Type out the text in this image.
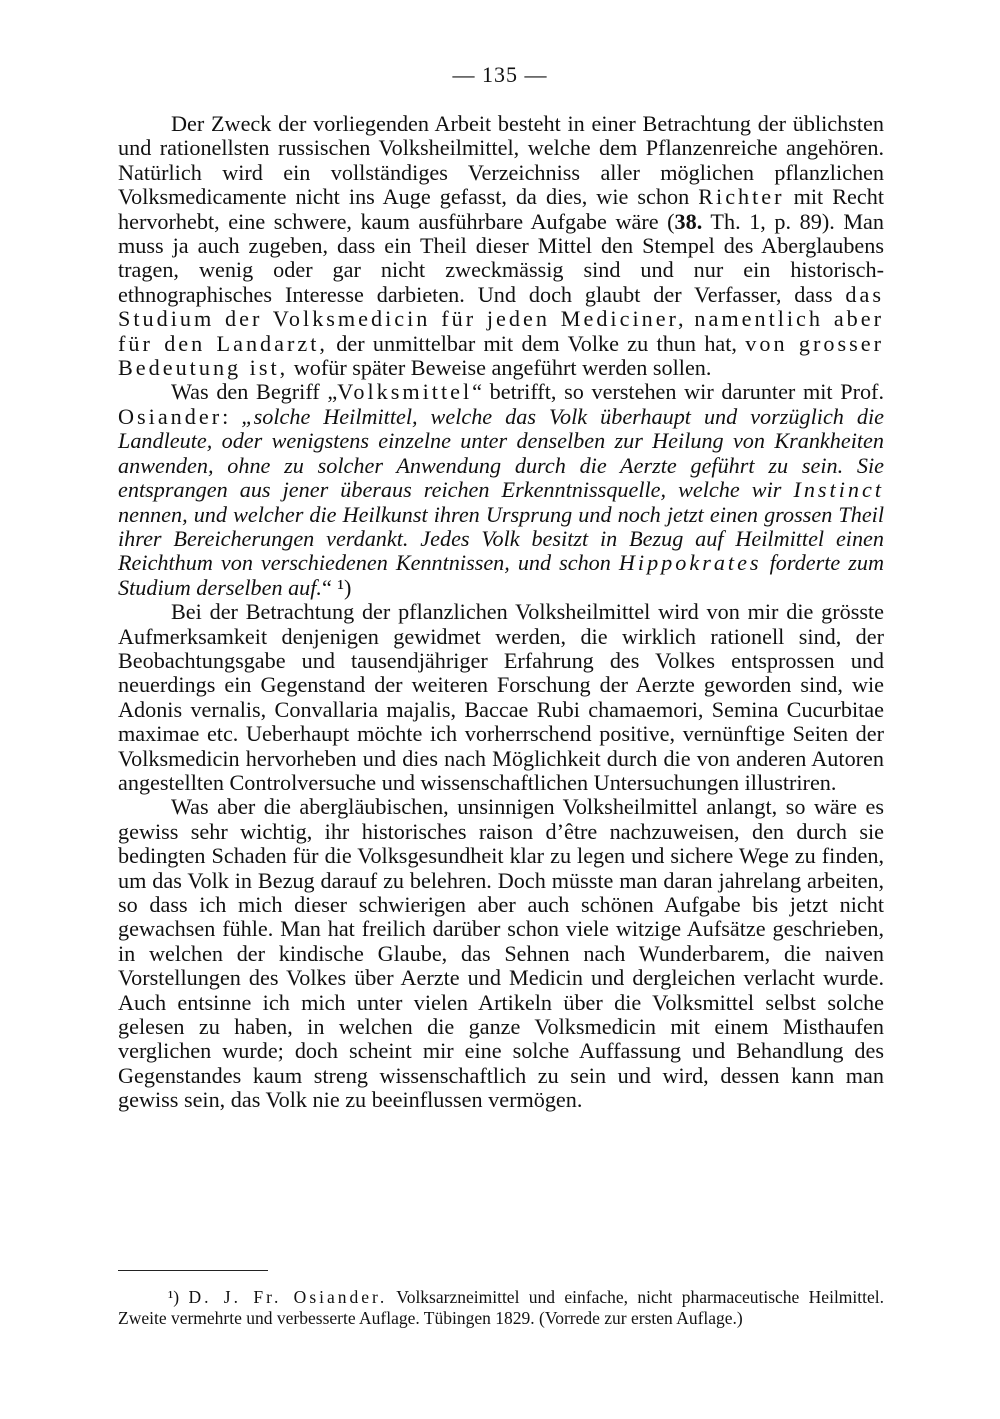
— 135 —

Der Zweck der vorliegenden Arbeit besteht in einer Betrachtung der üblichsten und rationellsten russischen Volksheilmittel, welche dem Pflanzenreiche angehören. Natürlich wird ein vollständiges Verzeichniss aller möglichen pflanzlichen Volksmedicamente nicht ins Auge gefasst, da dies, wie schon Richter mit Recht hervorhebt, eine schwere, kaum ausführbare Aufgabe wäre (38. Th. 1, p. 89). Man muss ja auch zugeben, dass ein Theil dieser Mittel den Stempel des Aberglaubens tragen, wenig oder gar nicht zweckmässig sind und nur ein historisch-ethnographisches Interesse darbieten. Und doch glaubt der Verfasser, dass das Studium der Volksmedicin für jeden Mediciner, namentlich aber für den Landarzt, der unmittelbar mit dem Volke zu thun hat, von grosser Bedeutung ist, wofür später Beweise angeführt werden sollen.

Was den Begriff „Volksmittel“ betrifft, so verstehen wir darunter mit Prof. Osiander: „solche Heilmittel, welche das Volk überhaupt und vorzüglich die Landleute, oder wenigstens einzelne unter denselben zur Heilung von Krankheiten anwenden, ohne zu solcher Anwendung durch die Aerzte geführt zu sein. Sie entsprangen aus jener überaus reichen Erkenntnissquelle, welche wir Instinct nennen, und welcher die Heilkunst ihren Ursprung und noch jetzt einen grossen Theil ihrer Bereicherungen verdankt. Jedes Volk besitzt in Bezug auf Heilmittel einen Reichthum von verschiedenen Kenntnissen, und schon Hippokrates forderte zum Studium derselben auf.“ ¹)

Bei der Betrachtung der pflanzlichen Volksheilmittel wird von mir die grösste Aufmerksamkeit denjenigen gewidmet werden, die wirklich rationell sind, der Beobachtungsgabe und tausendjähriger Erfahrung des Volkes entsprossen und neuerdings ein Gegenstand der weiteren Forschung der Aerzte geworden sind, wie Adonis vernalis, Convallaria majalis, Baccae Rubi chamaemori, Semina Cucurbitae maximae etc. Ueberhaupt möchte ich vorherrschend positive, vernünftige Seiten der Volksmedicin hervorheben und dies nach Möglichkeit durch die von anderen Autoren angestellten Controlversuche und wissenschaftlichen Untersuchungen illustriren.

Was aber die abergläubischen, unsinnigen Volksheilmittel anlangt, so wäre es gewiss sehr wichtig, ihr historisches raison d’être nachzuweisen, den durch sie bedingten Schaden für die Volksgesundheit klar zu legen und sichere Wege zu finden, um das Volk in Bezug darauf zu belehren. Doch müsste man daran jahrelang arbeiten, so dass ich mich dieser schwierigen aber auch schönen Aufgabe bis jetzt nicht gewachsen fühle. Man hat freilich darüber schon viele witzige Aufsätze geschrieben, in welchen der kindische Glaube, das Sehnen nach Wunderbarem, die naiven Vorstellungen des Volkes über Aerzte und Medicin und dergleichen verlacht wurde. Auch entsinne ich mich unter vielen Artikeln über die Volksmittel selbst solche gelesen zu haben, in welchen die ganze Volksmedicin mit einem Misthaufen verglichen wurde; doch scheint mir eine solche Auffassung und Behandlung des Gegenstandes kaum streng wissenschaftlich zu sein und wird, dessen kann man gewiss sein, das Volk nie zu beeinflussen vermögen.

¹) D. J. Fr. Osiander. Volksarzneimittel und einfache, nicht pharmaceutische Heilmittel. Zweite vermehrte und verbesserte Auflage. Tübingen 1829. (Vorrede zur ersten Auflage.)
